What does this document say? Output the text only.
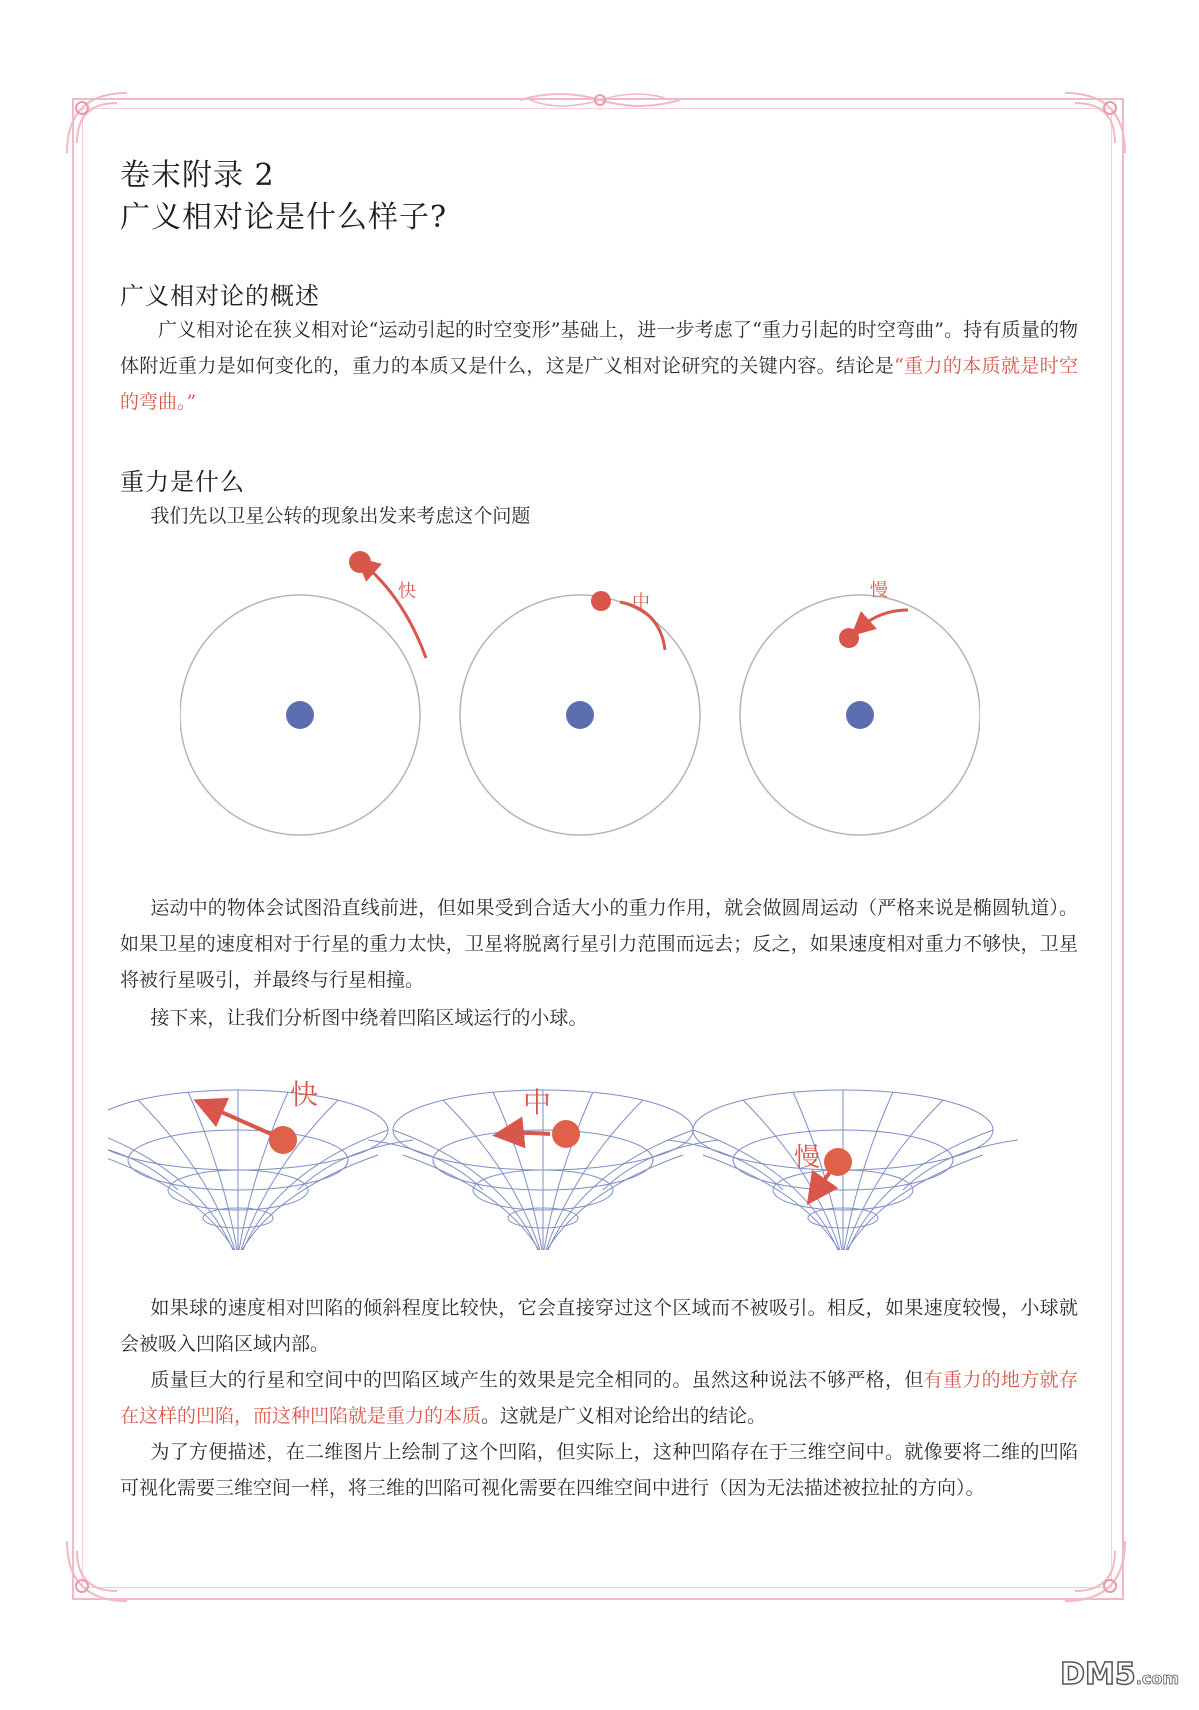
卷末附录 2
广义相对论是什么样子?
广义相对论的概述

广义相对论在狭义相对论“运动引起的时空变形”基础上，进一步考虑了“重力引起的时空弯曲”。持有质量的物体附近重力是如何变化的，重力的本质又是什么，这是广义相对论研究的关键内容。结论是“重力的本质就是时空的弯曲。”

重力是什么

我们先以卫星公转的现象出发来考虑这个问题

快
中
慢

运动中的物体会试图沿直线前进，但如果受到合适大小的重力作用，就会做圆周运动（严格来说是椭圆轨道）。如果卫星的速度相对于行星的重力太快，卫星将脱离行星引力范围而远去；反之，如果速度相对重力不够快，卫星将被行星吸引，并最终与行星相撞。

接下来，让我们分析图中绕着凹陷区域运行的小球。

快	中
慢

如果球的速度相对凹陷的倾斜程度比较快，它会直接穿过这个区域而不被吸引。相反，如果速度较慢，小球就会被吸入凹陷区域内部。

质量巨大的行星和空间中的凹陷区域产生的效果是完全相同的。虽然这种说法不够严格，但有重力的地方就存在这样的凹陷，而这种凹陷就是重力的本质。这就是广义相对论给出的结论。

为了方便描述，在二维图片上绘制了这个凹陷，但实际上，这种凹陷存在于三维空间中。就像要将二维的凹陷可视化需要三维空间一样，将三维的凹陷可视化需要在四维空间中进行（因为无法描述被拉扯的方向）。

DM5.com
